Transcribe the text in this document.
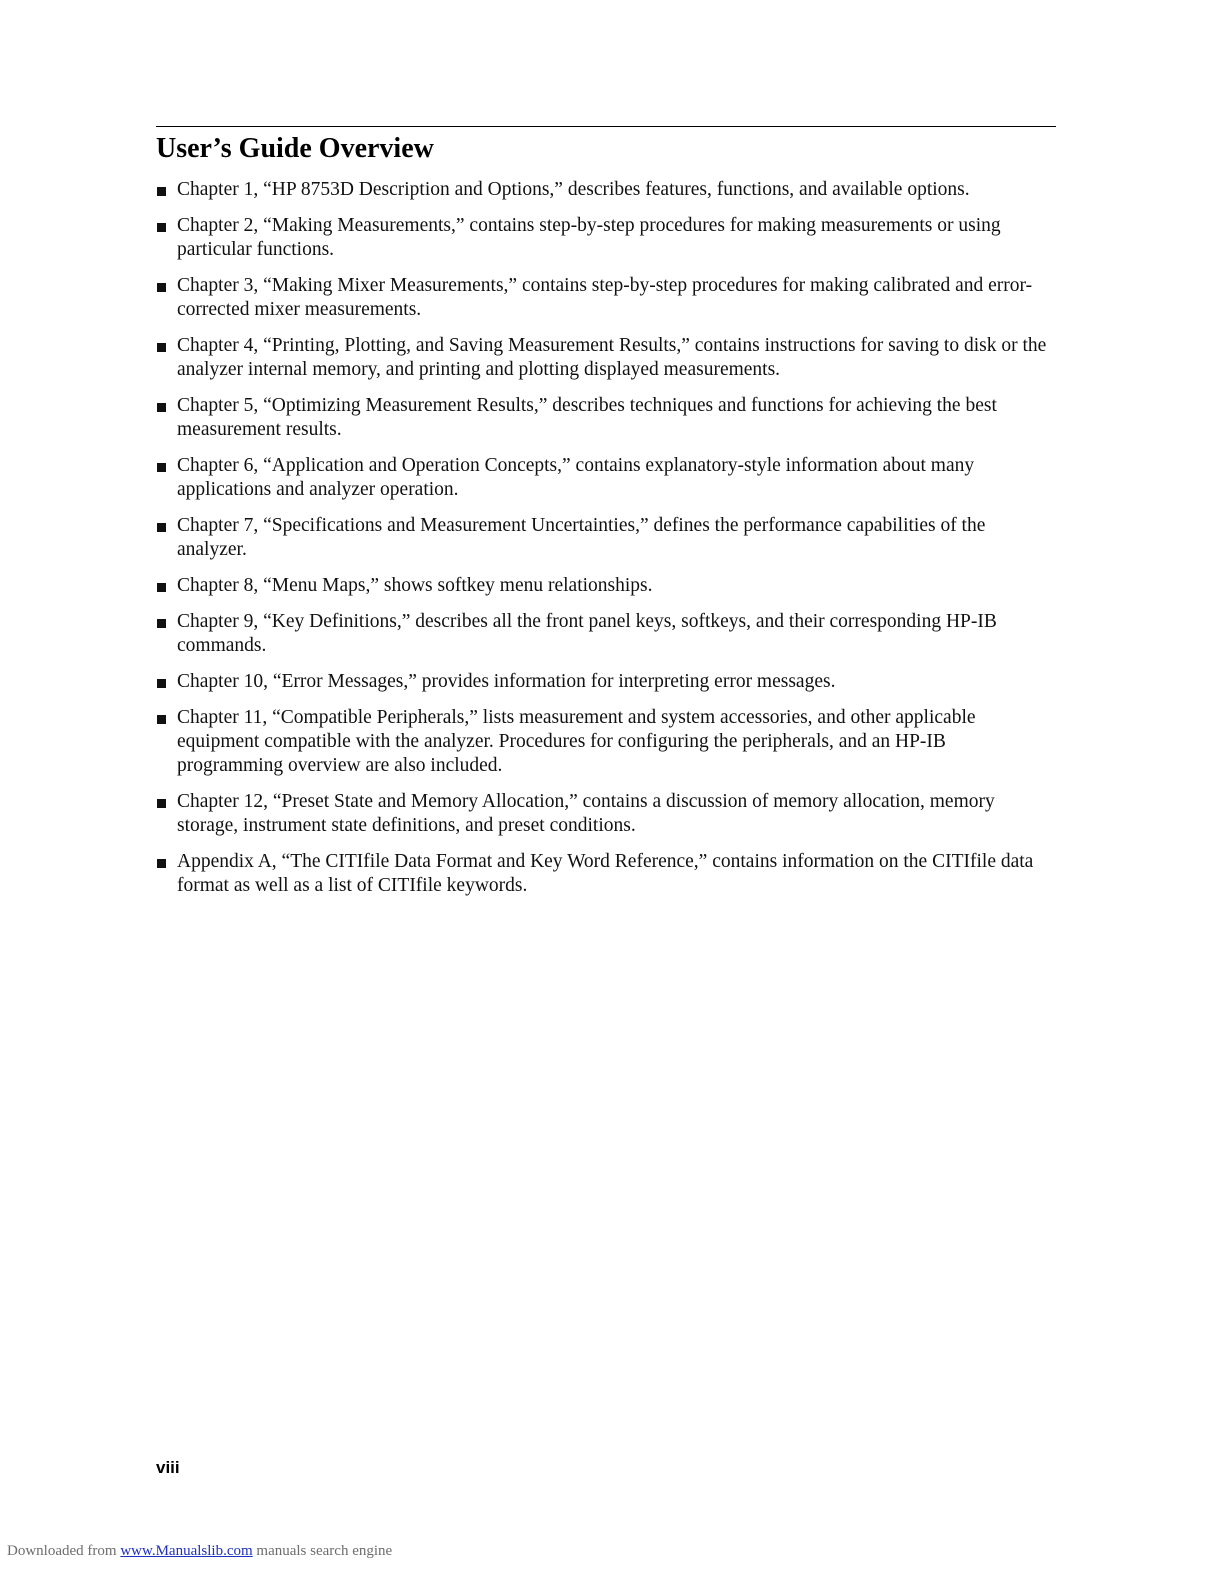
User’s Guide Overview
Chapter 1, “HP 8753D Description and Options,” describes features, functions, and available options.
Chapter 2, “Making Measurements,” contains step-by-step procedures for making measurements or using particular functions.
Chapter 3, “Making Mixer Measurements,” contains step-by-step procedures for making calibrated and error-corrected mixer measurements.
Chapter 4, “Printing, Plotting, and Saving Measurement Results,” contains instructions for saving to disk or the analyzer internal memory, and printing and plotting displayed measurements.
Chapter 5, “Optimizing Measurement Results,” describes techniques and functions for achieving the best measurement results.
Chapter 6, “Application and Operation Concepts,” contains explanatory-style information about many applications and analyzer operation.
Chapter 7, “Specifications and Measurement Uncertainties,” defines the performance capabilities of the analyzer.
Chapter 8, “Menu Maps,” shows softkey menu relationships.
Chapter 9, “Key Definitions,” describes all the front panel keys, softkeys, and their corresponding HP-IB commands.
Chapter 10, “Error Messages,” provides information for interpreting error messages.
Chapter 11, “Compatible Peripherals,” lists measurement and system accessories, and other applicable equipment compatible with the analyzer. Procedures for configuring the peripherals, and an HP-IB programming overview are also included.
Chapter 12, “Preset State and Memory Allocation,” contains a discussion of memory allocation, memory storage, instrument state definitions, and preset conditions.
Appendix A, “The CITIfile Data Format and Key Word Reference,” contains information on the CITIfile data format as well as a list of CITIfile keywords.
viii
Downloaded from www.Manualslib.com manuals search engine
